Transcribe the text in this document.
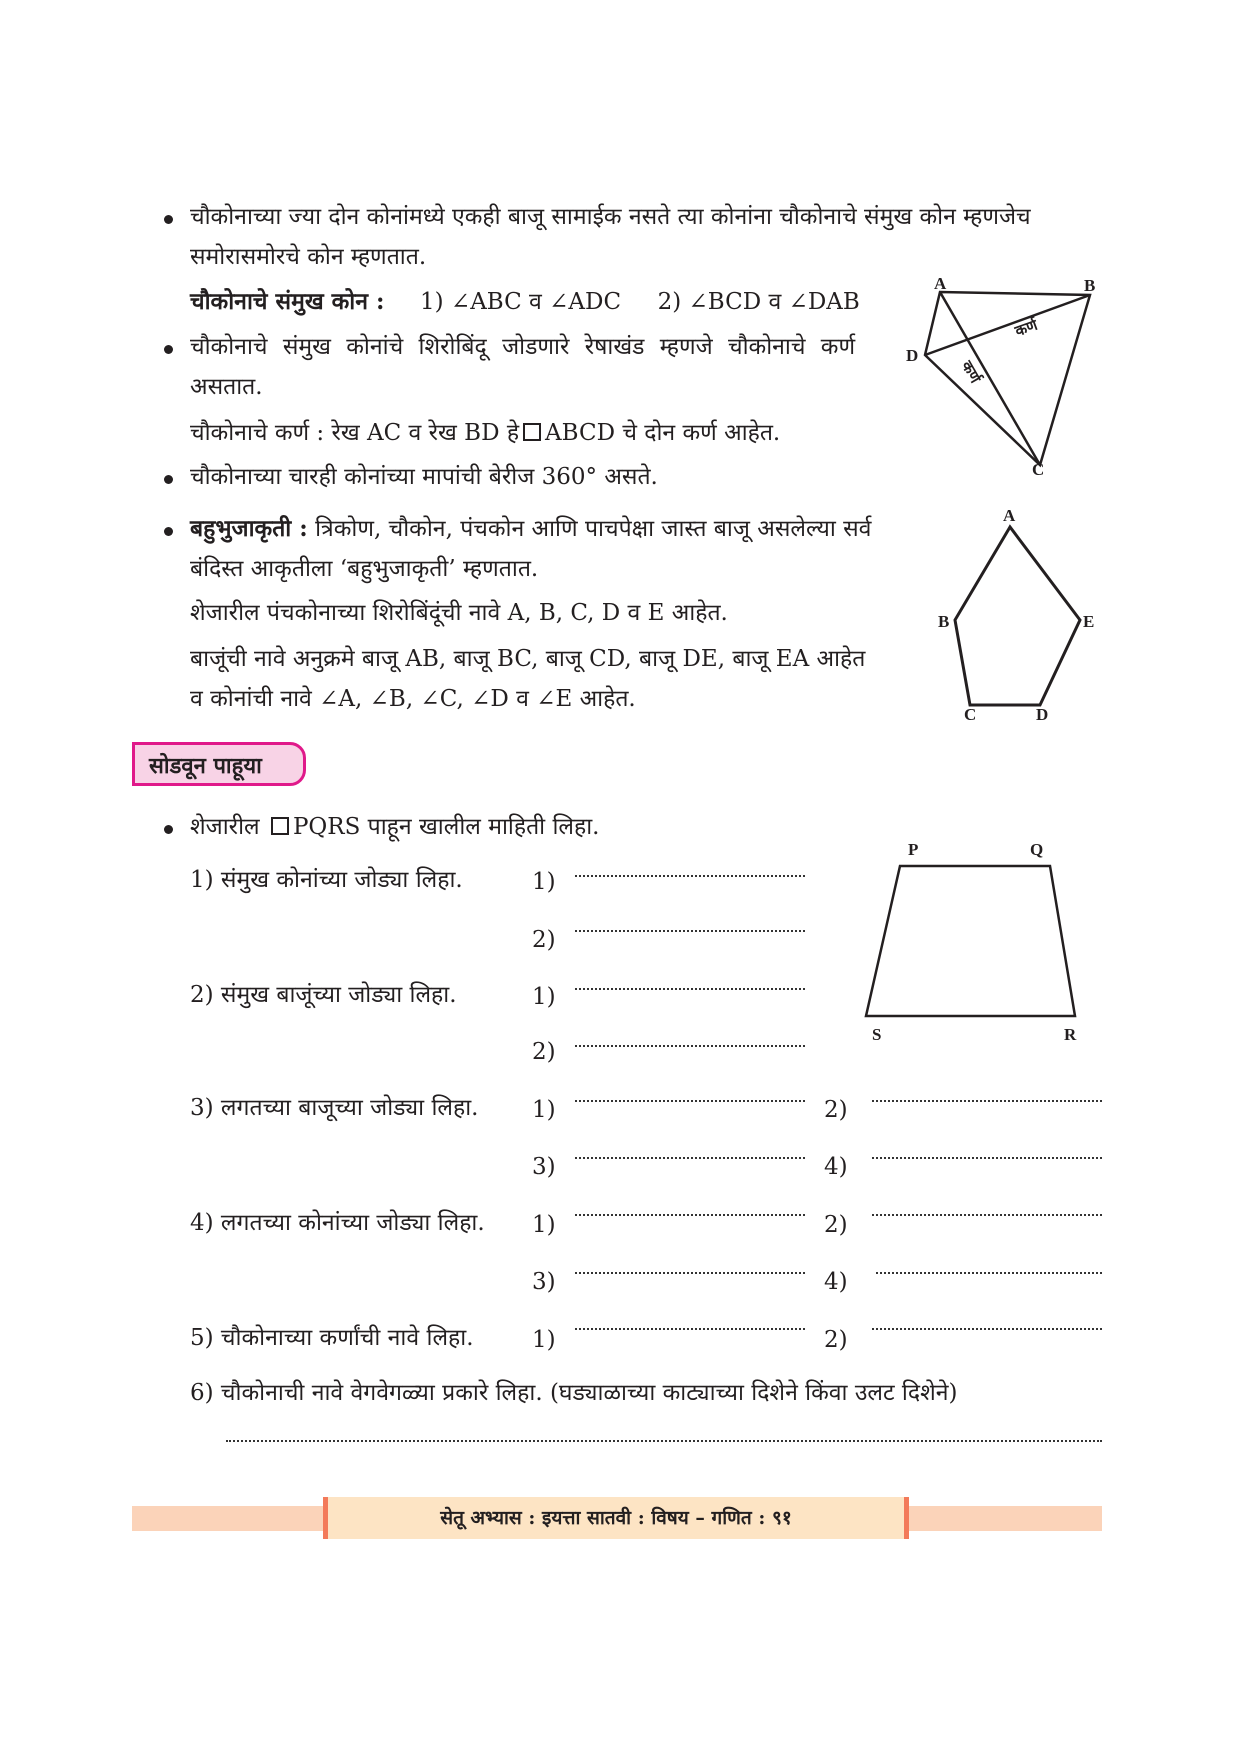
चौकोनाच्या ज्या दोन कोनांमध्ये एकही बाजू सामाईक नसते त्या कोनांना चौकोनाचे संमुख कोन म्हणजेच
समोरासमोरचे कोन म्हणतात.
चौकोनाचे संमुख कोन : 1) ∠ABC व ∠ADC     2) ∠BCD व ∠DAB
चौकोनाचे संमुख कोनांचे शिरोबिंदू जोडणारे रेषाखंड म्हणजे चौकोनाचे कर्ण
असतात.
चौकोनाचे कर्ण : रेख AC व रेख BD हे ABCD चे दोन कर्ण आहेत.
चौकोनाच्या चारही कोनांच्या मापांची बेरीज 360° असते.
बहुभुजाकृती : त्रिकोण, चौकोन, पंचकोन आणि पाचपेक्षा जास्त बाजू असलेल्या सर्व
बंदिस्त आकृतीला ‘बहुभुजाकृती’ म्हणतात.
शेजारील पंचकोनाच्या शिरोबिंदूंची नावे A, B, C, D व E आहेत.
बाजूंची नावे अनुक्रमे बाजू AB, बाजू BC, बाजू CD, बाजू DE, बाजू EA आहेत
व कोनांची नावे ∠A, ∠B, ∠C, ∠D व ∠E आहेत.
A	B
D
C
कर्ण
कर्ण
A
B	E
C	D
P	Q
S	R
सोडवून पाहूया
शेजारील PQRS पाहून खालील माहिती लिहा.
1) संमुख कोनांच्या जोड्या लिहा.	1)
2)
2) संमुख बाजूंच्या जोड्या लिहा.	1)
2)
3) लगतच्या बाजूच्या जोड्या लिहा. 1)	2)
3)	4)
4) लगतच्या कोनांच्या जोड्या लिहा. 1)	2)
3)	4)
5) चौकोनाच्या कर्णांची नावे लिहा.	1)	2)
6) चौकोनाची नावे वेगवेगळ्या प्रकारे लिहा. (घड्याळाच्या काट्याच्या दिशेने किंवा उलट दिशेने)
सेतू अभ्यास : इयत्ता सातवी : विषय – गणित : ९१
